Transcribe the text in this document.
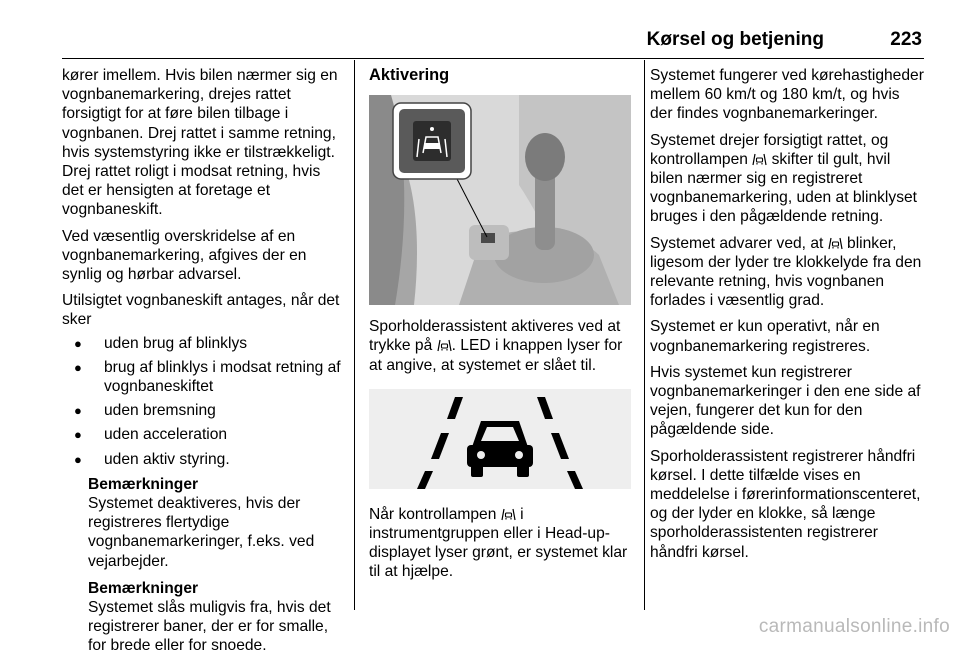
Kørsel og betjening	223

kører imellem. Hvis bilen nærmer sig en vognbanemarkering, drejes rattet forsigtigt for at føre bilen tilbage i vognbanen. Drej rattet i samme retning, hvis systemstyring ikke er tilstrækkeligt. Drej rattet roligt i modsat retning, hvis det er hensigten at foretage et vognbaneskift.

Ved væsentlig overskridelse af en vognbanemarkering, afgives der en synlig og hørbar advarsel.

Utilsigtet vognbaneskift antages, når det sker

● uden brug af blinklys
● brug af blinklys i modsat retning af vognbaneskiftet
● uden bremsning
● uden acceleration
● uden aktiv styring.
Bemærkninger

Systemet deaktiveres, hvis der registreres flertydige vognbanemarkeringer, f.eks. ved vejarbejder.

Bemærkninger

Systemet slås muligvis fra, hvis det registrerer baner, der er for smalle, for brede eller for snoede.

Aktivering

Sporholderassistent aktiveres ved at trykke på . LED i knappen lyser for at angive, at systemet er slået til.

Når kontrollampen  i instrumentgruppen eller i Head-up-displayet lyser grønt, er systemet klar til at hjælpe.

Systemet fungerer ved kørehastigheder mellem 60 km/t og 180 km/t, og hvis der findes vognbanemarkeringer.

Systemet drejer forsigtigt rattet, og kontrollampen  skifter til gult, hvil bilen nærmer sig en registreret vognbanemarkering, uden at blinklyset bruges i den pågældende retning.

Systemet advarer ved, at  blinker, ligesom der lyder tre klokkelyde fra den relevante retning, hvis vognbanen forlades i væsentlig grad.

Systemet er kun operativt, når en vognbanemarkering registreres.

Hvis systemet kun registrerer vognbanemarkeringer i den ene side af vejen, fungerer det kun for den pågældende side.

Sporholderassistent registrerer håndfri kørsel. I dette tilfælde vises en meddelelse i førerinformationscenteret, og der lyder en klokke, så længe sporholderassistenten registrerer håndfri kørsel.

carmanualsonline.info
